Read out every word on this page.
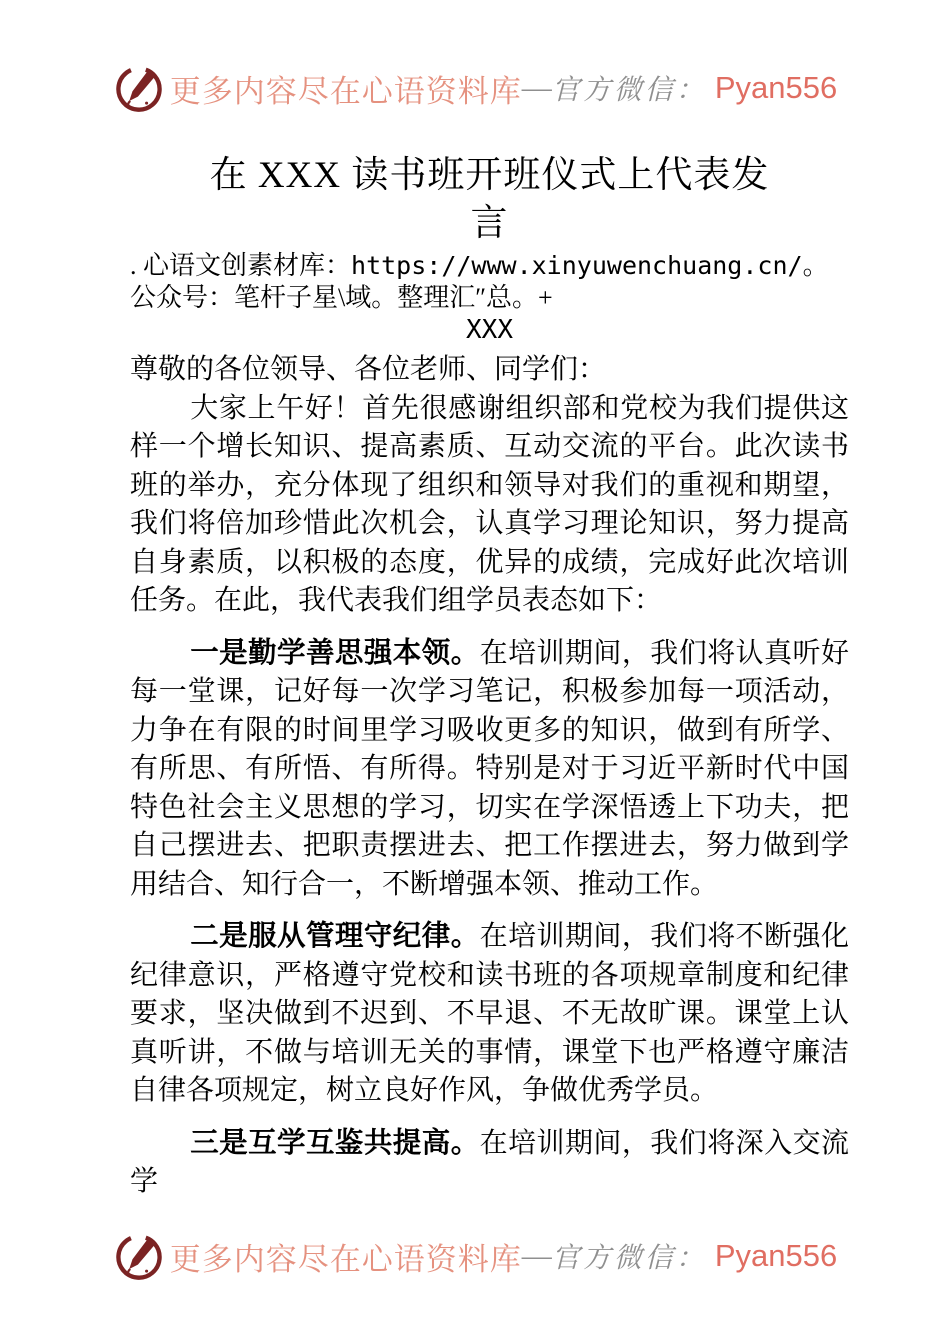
更多内容尽在心语资料库 — 官方微信： Pyan556
在 XXX 读书班开班仪式上代表发言
. 心语文创素材库：https://www.xinyuwenchuang.cn/。公众号：笔杆子星\域。整理汇″总。+
XXX

尊敬的各位领导、各位老师、同学们：

大家上午好！首先很感谢组织部和党校为我们提供这样一个增长知识、提高素质、互动交流的平台。此次读书班的举办，充分体现了组织和领导对我们的重视和期望，我们将倍加珍惜此次机会，认真学习理论知识，努力提高自身素质，以积极的态度，优异的成绩，完成好此次培训任务。在此，我代表我们组学员表态如下：

一是勤学善思强本领。在培训期间，我们将认真听好每一堂课，记好每一次学习笔记，积极参加每一项活动，力争在有限的时间里学习吸收更多的知识，做到有所学、有所思、有所悟、有所得。特别是对于习近平新时代中国特色社会主义思想的学习，切实在学深悟透上下功夫，把自己摆进去、把职责摆进去、把工作摆进去，努力做到学用结合、知行合一，不断增强本领、推动工作。

二是服从管理守纪律。在培训期间，我们将不断强化纪律意识，严格遵守党校和读书班的各项规章制度和纪律要求，坚决做到不迟到、不早退、不无故旷课。课堂上认真听讲，不做与培训无关的事情，课堂下也严格遵守廉洁自律各项规定，树立良好作风，争做优秀学员。

三是互学互鉴共提高。在培训期间，我们将深入交流学

更多内容尽在心语资料库 — 官方微信： Pyan556
